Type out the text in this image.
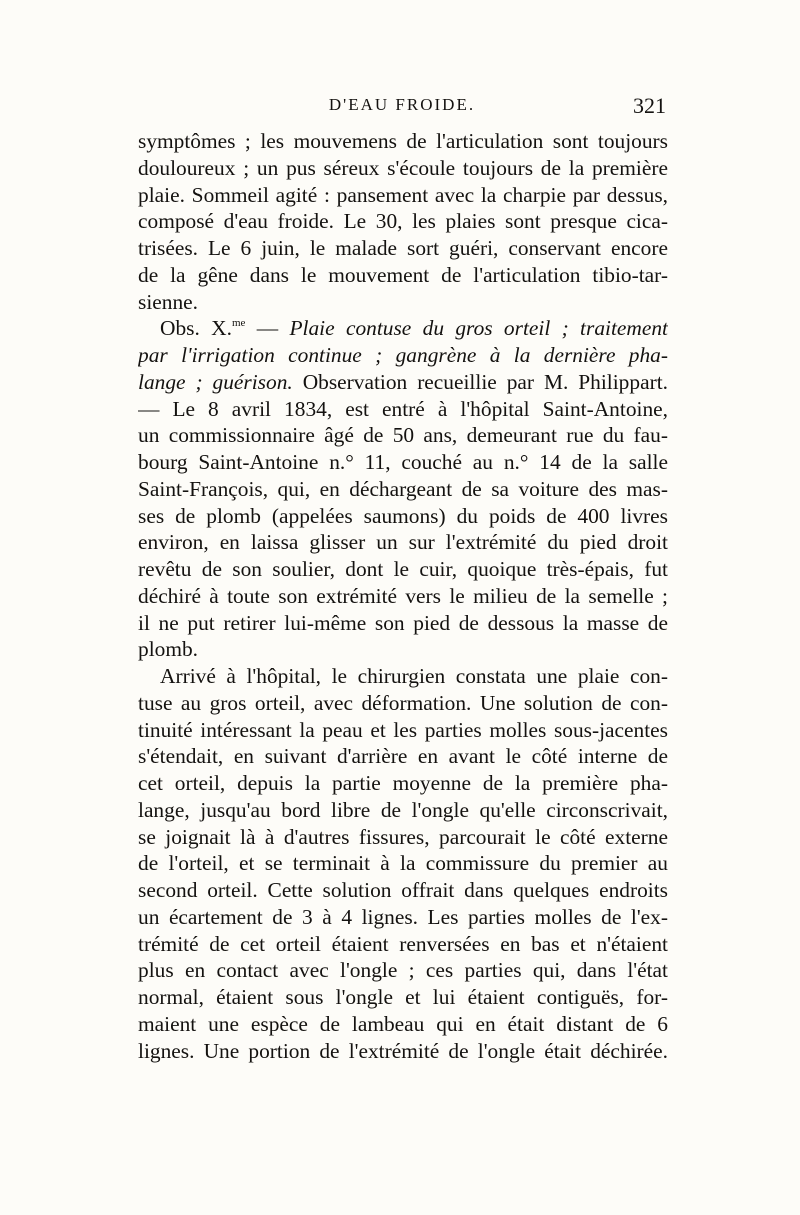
D'EAU FROIDE.	321
symptômes ; les mouvemens de l'articulation sont toujours
douloureux ; un pus séreux s'écoule toujours de la première
plaie. Sommeil agité : pansement avec la charpie par dessus,
composé d'eau froide. Le 30, les plaies sont presque cica-
trisées. Le 6 juin, le malade sort guéri, conservant encore
de la gêne dans le mouvement de l'articulation tibio-tar-
sienne.
Obs. X.$^{me}$ — Plaie contuse du gros orteil ; traitement
par l'irrigation continue ; gangrène à la dernière pha-
lange ; guérison. Observation recueillie par M. Philippart.
— Le 8 avril 1834, est entré à l'hôpital Saint-Antoine,
un commissionnaire âgé de 50 ans, demeurant rue du fau-
bourg Saint-Antoine n.° 11, couché au n.° 14 de la salle
Saint-François, qui, en déchargeant de sa voiture des mas-
ses de plomb (appelées saumons) du poids de 400 livres
environ, en laissa glisser un sur l'extrémité du pied droit
revêtu de son soulier, dont le cuir, quoique très-épais, fut
déchiré à toute son extrémité vers le milieu de la semelle ;
il ne put retirer lui-même son pied de dessous la masse de
plomb.
Arrivé à l'hôpital, le chirurgien constata une plaie con-
tuse au gros orteil, avec déformation. Une solution de con-
tinuité intéressant la peau et les parties molles sous-jacentes
s'étendait, en suivant d'arrière en avant le côté interne de
cet orteil, depuis la partie moyenne de la première pha-
lange, jusqu'au bord libre de l'ongle qu'elle circonscrivait,
se joignait là à d'autres fissures, parcourait le côté externe
de l'orteil, et se terminait à la commissure du premier au
second orteil. Cette solution offrait dans quelques endroits
un écartement de 3 à 4 lignes. Les parties molles de l'ex-
trémité de cet orteil étaient renversées en bas et n'étaient
plus en contact avec l'ongle ; ces parties qui, dans l'état
normal, étaient sous l'ongle et lui étaient contiguës, for-
maient une espèce de lambeau qui en était distant de 6
lignes. Une portion de l'extrémité de l'ongle était déchirée.
